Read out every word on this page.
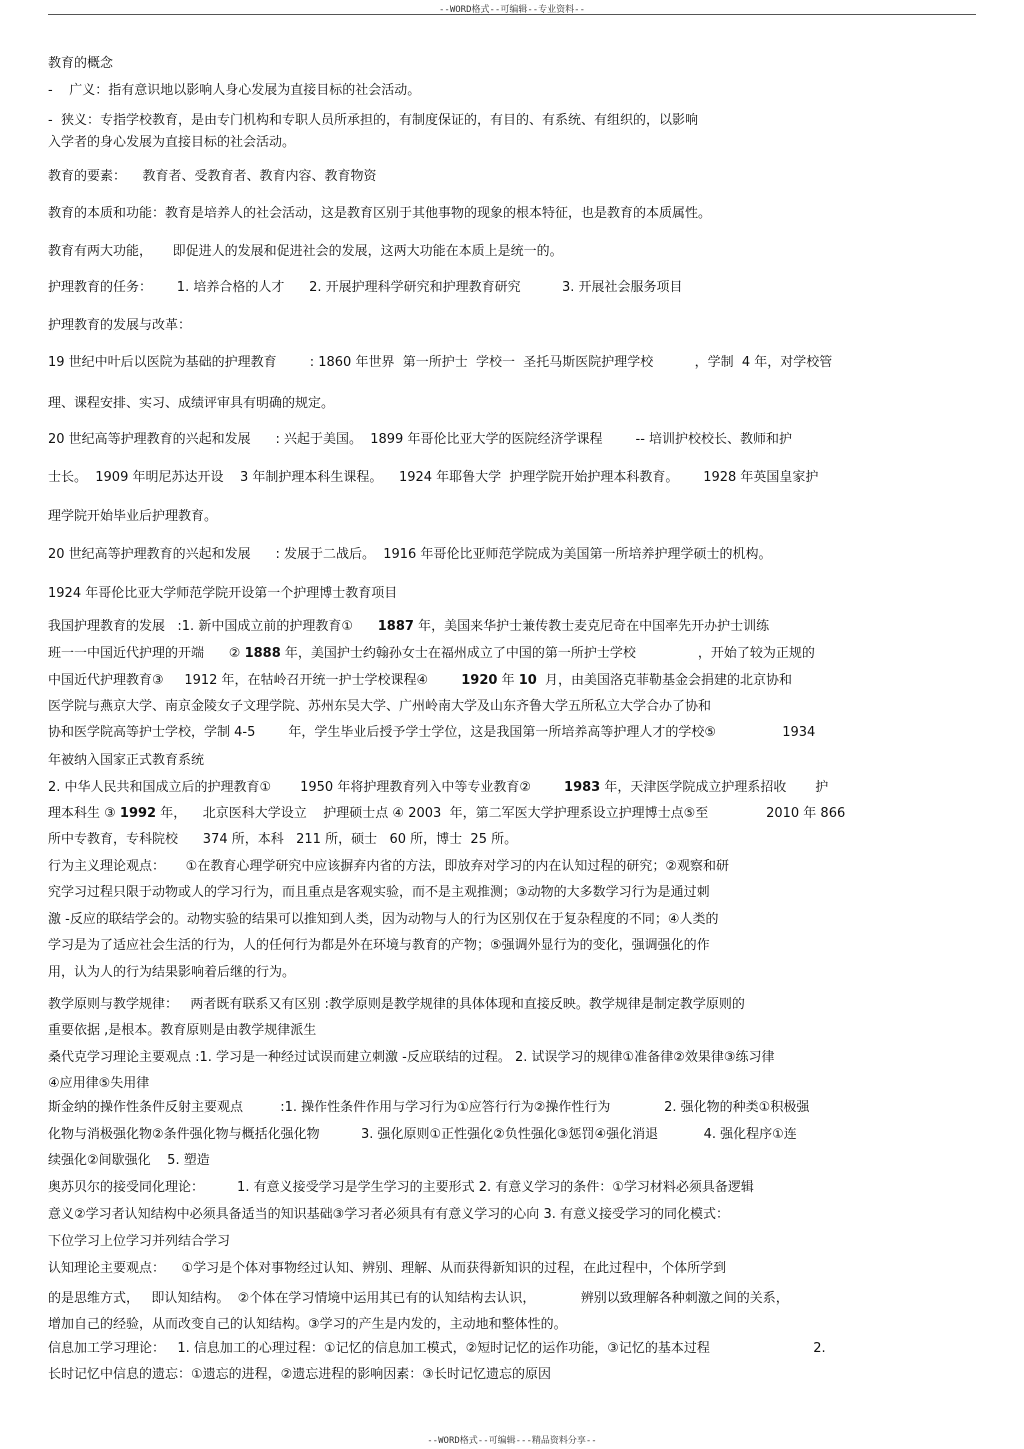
--WORD格式--可编辑--专业资料--
教育的概念
-    广义：指有意识地以影响人身心发展为直接目标的社会活动。
-  狭义：专指学校教育，是由专门机构和专职人员所承担的，有制度保证的，有目的、有系统、有组织的，以影响
入学者的身心发展为直接目标的社会活动。
教育的要素：    教育者、受教育者、教育内容、教育物资
教育的本质和功能：教育是培养人的社会活动，这是教育区别于其他事物的现象的根本特征，也是教育的本质属性。
教育有两大功能，     即促进人的发展和促进社会的发展，这两大功能在本质上是统一的。
护理教育的任务：      1. 培养合格的人才      2. 开展护理科学研究和护理教育研究          3. 开展社会服务项目
护理教育的发展与改革：
19 世纪中叶后以医院为基础的护理教育        : 1860 年世界  第一所护士  学校一  圣托马斯医院护理学校          ，学制  4 年，对学校管
理、课程安排、实习、成绩评审具有明确的规定。
20 世纪高等护理教育的兴起和发展      : 兴起于美国。  1899 年哥伦比亚大学的医院经济学课程        -- 培训护校校长、教师和护
士长。  1909 年明尼苏达开设    3 年制护理本科生课程。    1924 年耶鲁大学  护理学院开始护理本科教育。      1928 年英国皇家护
理学院开始毕业后护理教育。
20 世纪高等护理教育的兴起和发展      : 发展于二战后。  1916 年哥伦比亚师范学院成为美国第一所培养护理学硕士的机构。
1924 年哥伦比亚大学师范学院开设第一个护理博士教育项目
我国护理教育的发展   :1. 新中国成立前的护理教育①      1887 年，美国来华护士兼传教士麦克尼奇在中国率先开办护士训练
班一一中国近代护理的开端      ② 1888 年，美国护士约翰孙女士在福州成立了中国的第一所护士学校               ，开始了较为正规的
中国近代护理教育③     1912 年，在牯岭召开统一护士学校课程④        1920 年 10  月，由美国洛克菲勒基金会捐建的北京协和
医学院与燕京大学、南京金陵女子文理学院、苏州东吴大学、广州岭南大学及山东齐鲁大学五所私立大学合办了协和
协和医学院高等护士学校，学制 4-5        年，学生毕业后授予学士学位，这是我国第一所培养高等护理人才的学校⑤                1934
年被纳入国家正式教育系统
2. 中华人民共和国成立后的护理教育①       1950 年将护理教育列入中等专业教育②        1983 年，天津医学院成立护理系招收       护
理本科生 ③ 1992 年，    北京医科大学设立    护理硕士点 ④ 2003  年，第二军医大学护理系设立护理博士点⑤至              2010 年 866
所中专教育，专科院校      374 所，本科   211 所，硕士   60 所，博士  25 所。
行为主义理论观点：     ①在教育心理学研究中应该摒弃内省的方法，即放弃对学习的内在认知过程的研究；②观察和研
究学习过程只限于动物或人的学习行为，而且重点是客观实验，而不是主观推测；③动物的大多数学习行为是通过刺
激 -反应的联结学会的。动物实验的结果可以推知到人类，因为动物与人的行为区别仅在于复杂程度的不同；④人类的
学习是为了适应社会生活的行为，人的任何行为都是外在环境与教育的产物；⑤强调外显行为的变化，强调强化的作
用，认为人的行为结果影响着后继的行为。
教学原则与教学规律：   两者既有联系又有区别 :教学原则是教学规律的具体体现和直接反映。教学规律是制定教学原则的
重要依据 ,是根本。教育原则是由教学规律派生
桑代克学习理论主要观点 :1. 学习是一种经过试误而建立刺激 -反应联结的过程。 2. 试误学习的规律①准备律②效果律③练习律
④应用律⑤失用律
斯金纳的操作性条件反射主要观点         :1. 操作性条件作用与学习行为①应答行行为②操作性行为             2. 强化物的种类①积极强
化物与消极强化物②条件强化物与概括化强化物          3. 强化原则①正性强化②负性强化③惩罚④强化消退           4. 强化程序①连
续强化②间歇强化    5. 塑造
奥苏贝尔的接受同化理论：        1. 有意义接受学习是学生学习的主要形式 2. 有意义学习的条件：①学习材料必须具备逻辑
意义②学习者认知结构中必须具备适当的知识基础③学习者必须具有有意义学习的心向 3. 有意义接受学习的同化模式：
下位学习上位学习并列结合学习
认知理论主要观点：    ①学习是个体对事物经过认知、辨别、理解、从而获得新知识的过程，在此过程中，个体所学到
的是思维方式，   即认知结构。  ②个体在学习情境中运用其已有的认知结构去认识，           辨别以致理解各种刺激之间的关系，
增加自己的经验，从而改变自己的认知结构。③学习的产生是内发的，主动地和整体性的。
信息加工学习理论：   1. 信息加工的心理过程：①记忆的信息加工模式，②短时记忆的运作功能，③记忆的基本过程                         2.
长时记忆中信息的遗忘：①遗忘的进程，②遗忘进程的影响因素：③长时记忆遗忘的原因
--WORD格式--可编辑---精品资料分享--
